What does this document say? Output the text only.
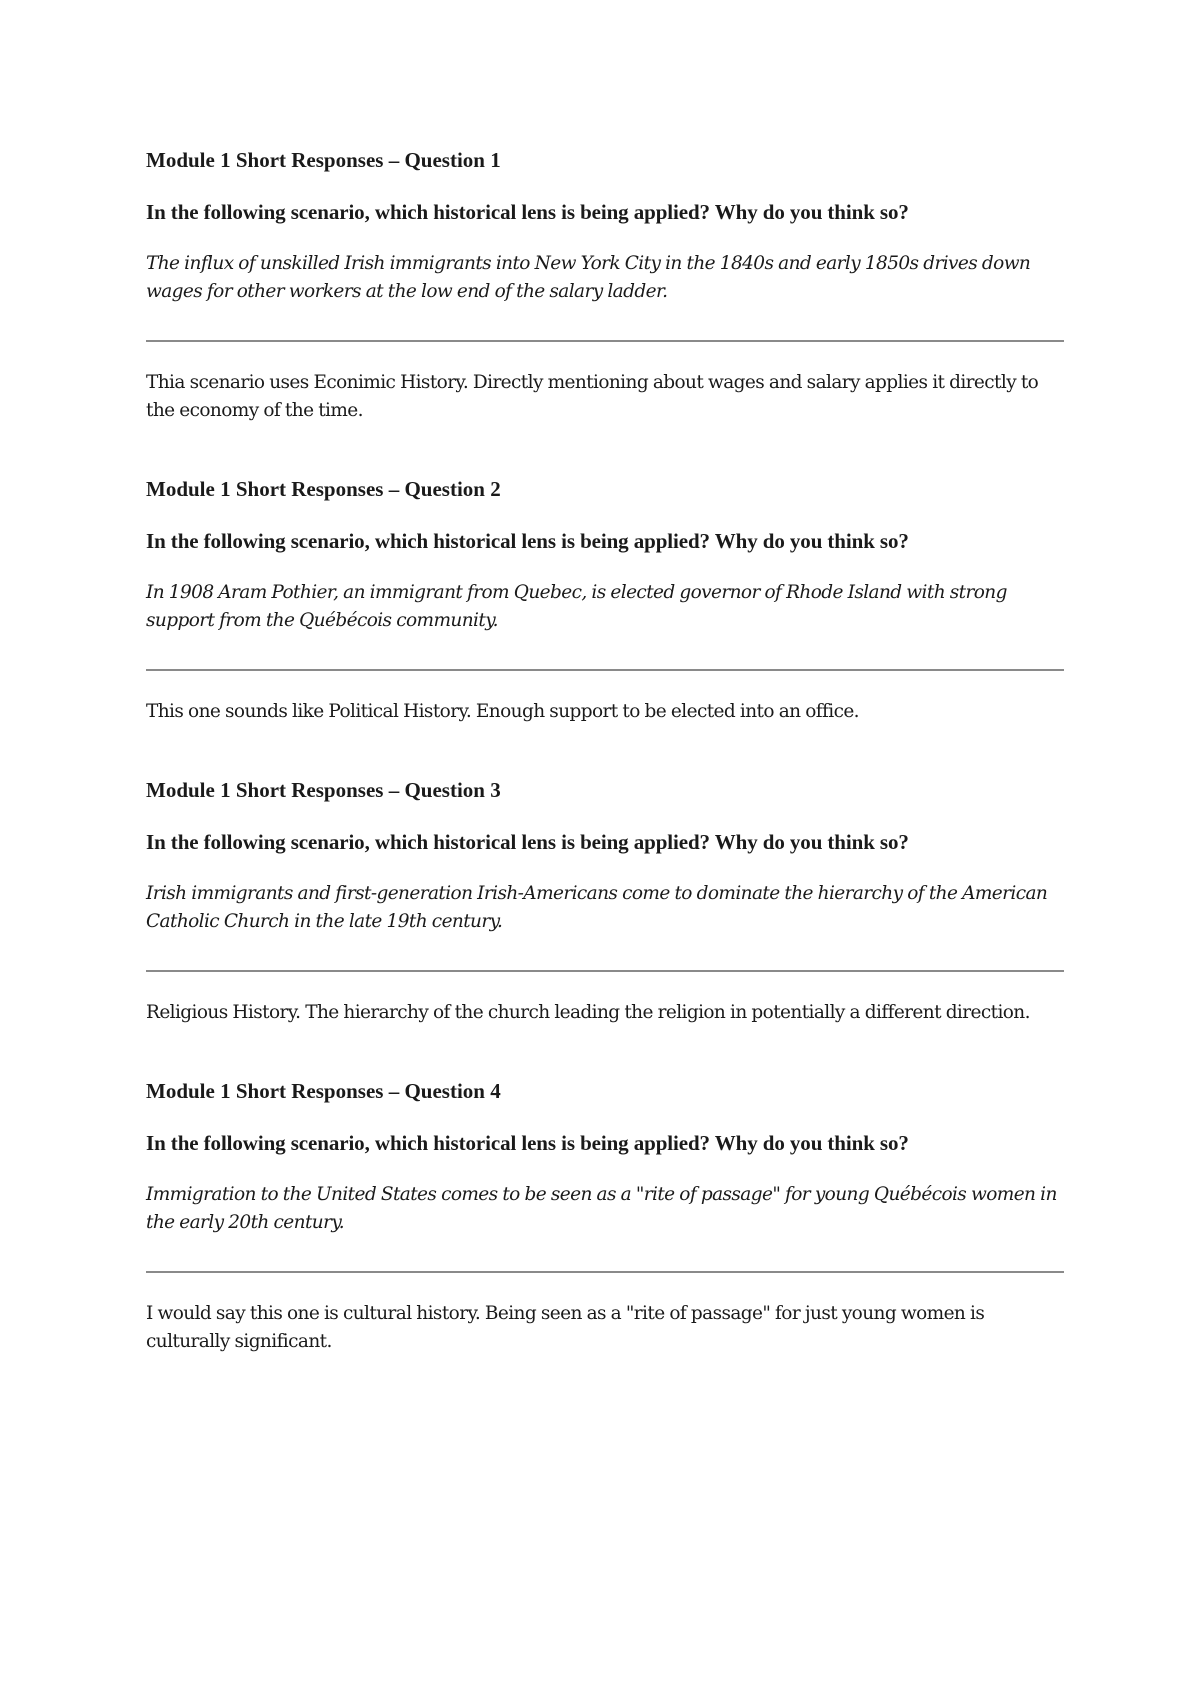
Module 1 Short Responses – Question 1

In the following scenario, which historical lens is being applied? Why do you think so?

The influx of unskilled Irish immigrants into New York City in the 1840s and early 1850s drives down wages for other workers at the low end of the salary ladder.

Thia scenario uses Econimic History. Directly mentioning about wages and salary applies it directly to the economy of the time.

Module 1 Short Responses – Question 2

In the following scenario, which historical lens is being applied? Why do you think so?

In 1908 Aram Pothier, an immigrant from Quebec, is elected governor of Rhode Island with strong support from the Québécois community.

This one sounds like Political History. Enough support to be elected into an office.

Module 1 Short Responses – Question 3

In the following scenario, which historical lens is being applied? Why do you think so?

Irish immigrants and first-generation Irish-Americans come to dominate the hierarchy of the American Catholic Church in the late 19th century.

Religious History. The hierarchy of the church leading the religion in potentially a different direction.

Module 1 Short Responses – Question 4

In the following scenario, which historical lens is being applied? Why do you think so?

Immigration to the United States comes to be seen as a "rite of passage" for young Québécois women in the early 20th century.

I would say this one is cultural history. Being seen as a "rite of passage" for just young women is culturally significant.
